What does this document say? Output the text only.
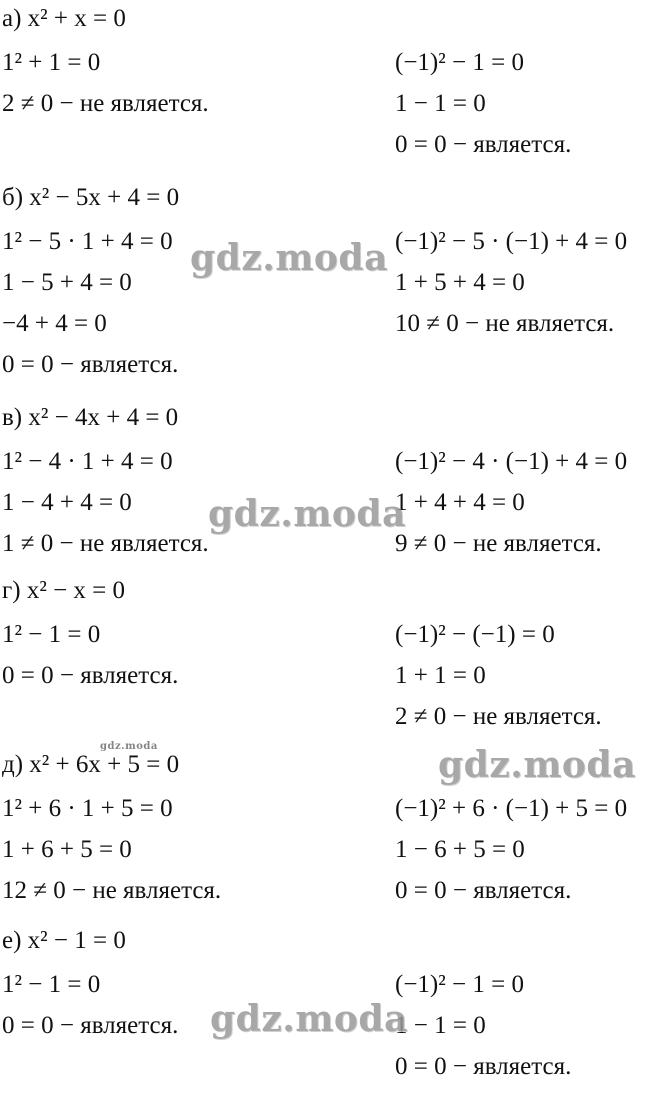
а) x² + x = 0
1² + 1 = 0
2 ≠ 0 − не является.
(−1)² − 1 = 0
1 − 1 = 0
0 = 0 − является.
б) x² − 5x + 4 = 0
1² − 5 · 1 + 4 = 0
1 − 5 + 4 = 0
−4 + 4 = 0
0 = 0 − является.
(−1)² − 5 · (−1) + 4 = 0
1 + 5 + 4 = 0
10 ≠ 0 − не является.
в) x² − 4x + 4 = 0
1² − 4 · 1 + 4 = 0
1 − 4 + 4 = 0
1 ≠ 0 − не является.
(−1)² − 4 · (−1) + 4 = 0
1 + 4 + 4 = 0
9 ≠ 0 − не является.
г) x² − x = 0
1² − 1 = 0
0 = 0 − является.
(−1)² − (−1) = 0
1 + 1 = 0
2 ≠ 0 − не является.
д) x² + 6x + 5 = 0
1² + 6 · 1 + 5 = 0
1 + 6 + 5 = 0
12 ≠ 0 − не является.
(−1)² + 6 · (−1) + 5 = 0
1 − 6 + 5 = 0
0 = 0 − является.
е) x² − 1 = 0
1² − 1 = 0
0 = 0 − является.
(−1)² − 1 = 0
1 − 1 = 0
0 = 0 − является.
gdz.moda
gdz.moda
gdz.moda
gdz.moda
gdz.moda
